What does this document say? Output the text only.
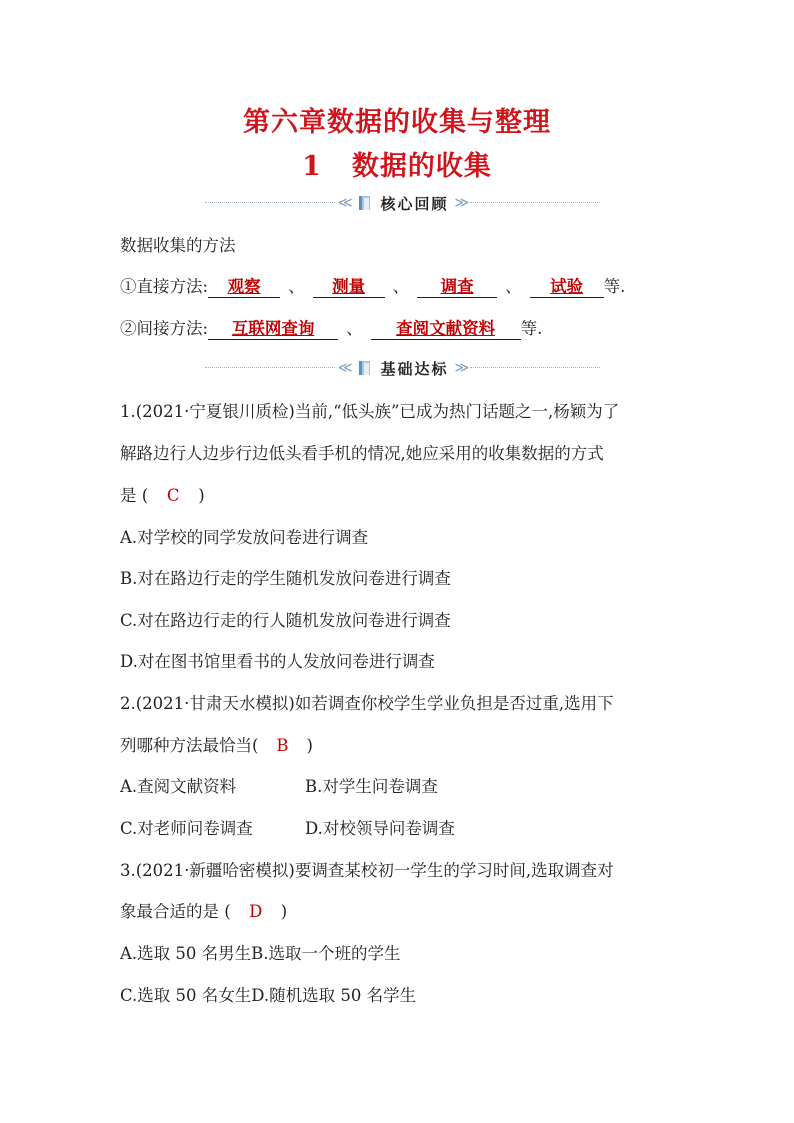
第六章数据的收集与整理
1 数据的收集
≪ 核心回顾 ≫
数据收集的方法
①直接方法: 观察 、 测量 、 调查 、 试验 等.
②间接方法: 互联网查询 、 查阅文献资料 等.
≪ 基础达标 ≫
1.(2021·宁夏银川质检)当前,“低头族”已成为热门话题之一,杨颖为了
解路边行人边步行边低头看手机的情况,她应采用的收集数据的方式
是 ( C )
A.对学校的同学发放问卷进行调查
B.对在路边行走的学生随机发放问卷进行调查
C.对在路边行走的行人随机发放问卷进行调查
D.对在图书馆里看书的人发放问卷进行调查
2.(2021·甘肃天水模拟)如若调查你校学生学业负担是否过重,选用下
列哪种方法最恰当( B )
A.查阅文献资料	B.对学生问卷调查
C.对老师问卷调查	D.对校领导问卷调查
3.(2021·新疆哈密模拟)要调查某校初一学生的学习时间,选取调查对
象最合适的是 ( D )
A.选取 50 名男生B.选取一个班的学生
C.选取 50 名女生D.随机选取 50 名学生
